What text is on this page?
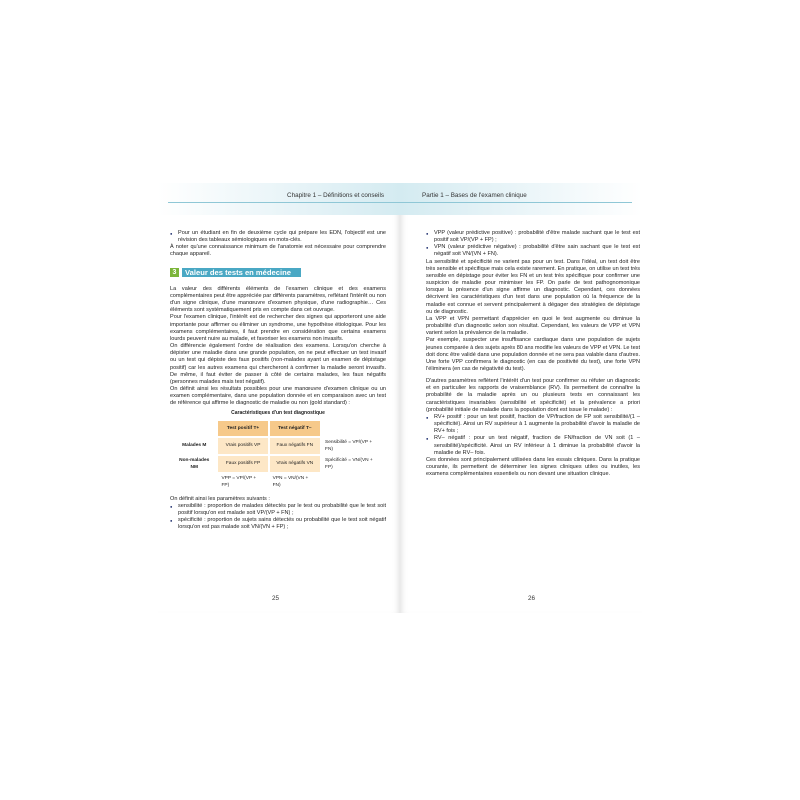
Chapitre 1 – Définitions et conseils

● Pour un étudiant en fin de deuxième cycle qui prépare les EDN, l'objectif est une révision des tableaux sémiologiques en mots-clés.

À noter qu'une connaissance minimum de l'anatomie est nécessaire pour comprendre chaque appareil.

3	Valeur des tests en médecine

La valeur des différents éléments de l'examen clinique et des examens complémentaires peut être appréciée par différents paramètres, reflétant l'intérêt ou non d'un signe clinique, d'une manœuvre d'examen physique, d'une radiographie… Ces éléments sont systématiquement pris en compte dans cet ouvrage.

Pour l'examen clinique, l'intérêt est de rechercher des signes qui apporteront une aide importante pour affirmer ou éliminer un syndrome, une hypothèse étiologique. Pour les examens complémentaires, il faut prendre en considération que certains examens lourds peuvent nuire au malade, et favoriser les examens non invasifs.

On différencie également l'ordre de réalisation des examens. Lorsqu'on cherche à dépister une maladie dans une grande population, on ne peut effectuer un test invasif ou un test qui dépiste des faux positifs (non-malades ayant un examen de dépistage positif) car les autres examens qui chercheront à confirmer la maladie seront invasifs. De même, il faut éviter de passer à côté de certains malades, les faux négatifs (personnes malades mais test négatif).

On définit ainsi les résultats possibles pour une manœuvre d'examen clinique ou un examen complémentaire, dans une population donnée et en comparaison avec un test de référence qui affirme le diagnostic de maladie ou non (gold standard) :

Caractéristiques d'un test diagnostique
	Test positif T+	Test négatif T–	
Malades M	Vrais positifs VP	Faux négatifs FN	Sensibilité = VP/(VP + FN)
Non-malades NM	Faux positifs FP	Vrais négatifs VN	Spécificité = VN/(VN + FP)
	VPP = VP/(VP + FP)	VPN = VN/(VN + FN)	

On définit ainsi les paramètres suivants :

● sensibilité : proportion de malades détectés par le test ou probabilité que le test soit positif lorsqu'on est malade soit VP/(VP + FN) ;

● spécificité : proportion de sujets sains détectés ou probabilité que le test soit négatif lorsqu'on est pas malade soit VN/(VN + FP) ;

25
Partie 1 – Bases de l'examen clinique

● VPP (valeur prédictive positive) : probabilité d'être malade sachant que le test est positif soit VP/(VP + FP) ;

● VPN (valeur prédictive négative) : probabilité d'être sain sachant que le test est négatif soit VN/(VN + FN).

La sensibilité et spécificité ne varient pas pour un test. Dans l'idéal, un test doit être très sensible et spécifique mais cela existe rarement. En pratique, on utilise un test très sensible en dépistage pour éviter les FN et un test très spécifique pour confirmer une suspicion de maladie pour minimiser les FP. On parle de test pathognomonique lorsque la présence d'un signe affirme un diagnostic. Cependant, ces données décrivent les caractéristiques d'un test dans une population où la fréquence de la maladie est connue et servent principalement à dégager des stratégies de dépistage ou de diagnostic.

La VPP et VPN permettant d'apprécier en quoi le test augmente ou diminue la probabilité d'un diagnostic selon son résultat. Cependant, les valeurs de VPP et VPN varient selon la prévalence de la maladie.

Par exemple, suspecter une insuffisance cardiaque dans une population de sujets jeunes comparée à des sujets après 80 ans modifie les valeurs de VPP et VPN. Le test doit donc être validé dans une population donnée et ne sera pas valable dans d'autres. Une forte VPP confirmera le diagnostic (en cas de positivité du test), une forte VPN l'éliminera (en cas de négativité du test).

D'autres paramètres reflètent l'intérêt d'un test pour confirmer ou réfuter un diagnostic et en particulier les rapports de vraisemblance (RV). Ils permettent de connaître la probabilité de la maladie après un ou plusieurs tests en connaissant les caractéristiques invariables (sensibilité et spécificité) et la prévalence a priori (probabilité initiale de maladie dans la population dont est issue le malade) :

● RV+ positif : pour un test positif, fraction de VP/fraction de FP soit sensibilité/(1 – spécificité). Ainsi un RV supérieur à 1 augmente la probabilité d'avoir la maladie de RV+ fois ;

● RV– négatif : pour un test négatif, fraction de FN/fraction de VN soit (1 – sensibilité)/spécificité. Ainsi un RV inférieur à 1 diminue la probabilité d'avoir la maladie de RV– fois.

Ces données sont principalement utilisées dans les essais cliniques. Dans la pratique courante, ils permettent de déterminer les signes cliniques utiles ou inutiles, les examens complémentaires essentiels ou non devant une situation clinique.

26
